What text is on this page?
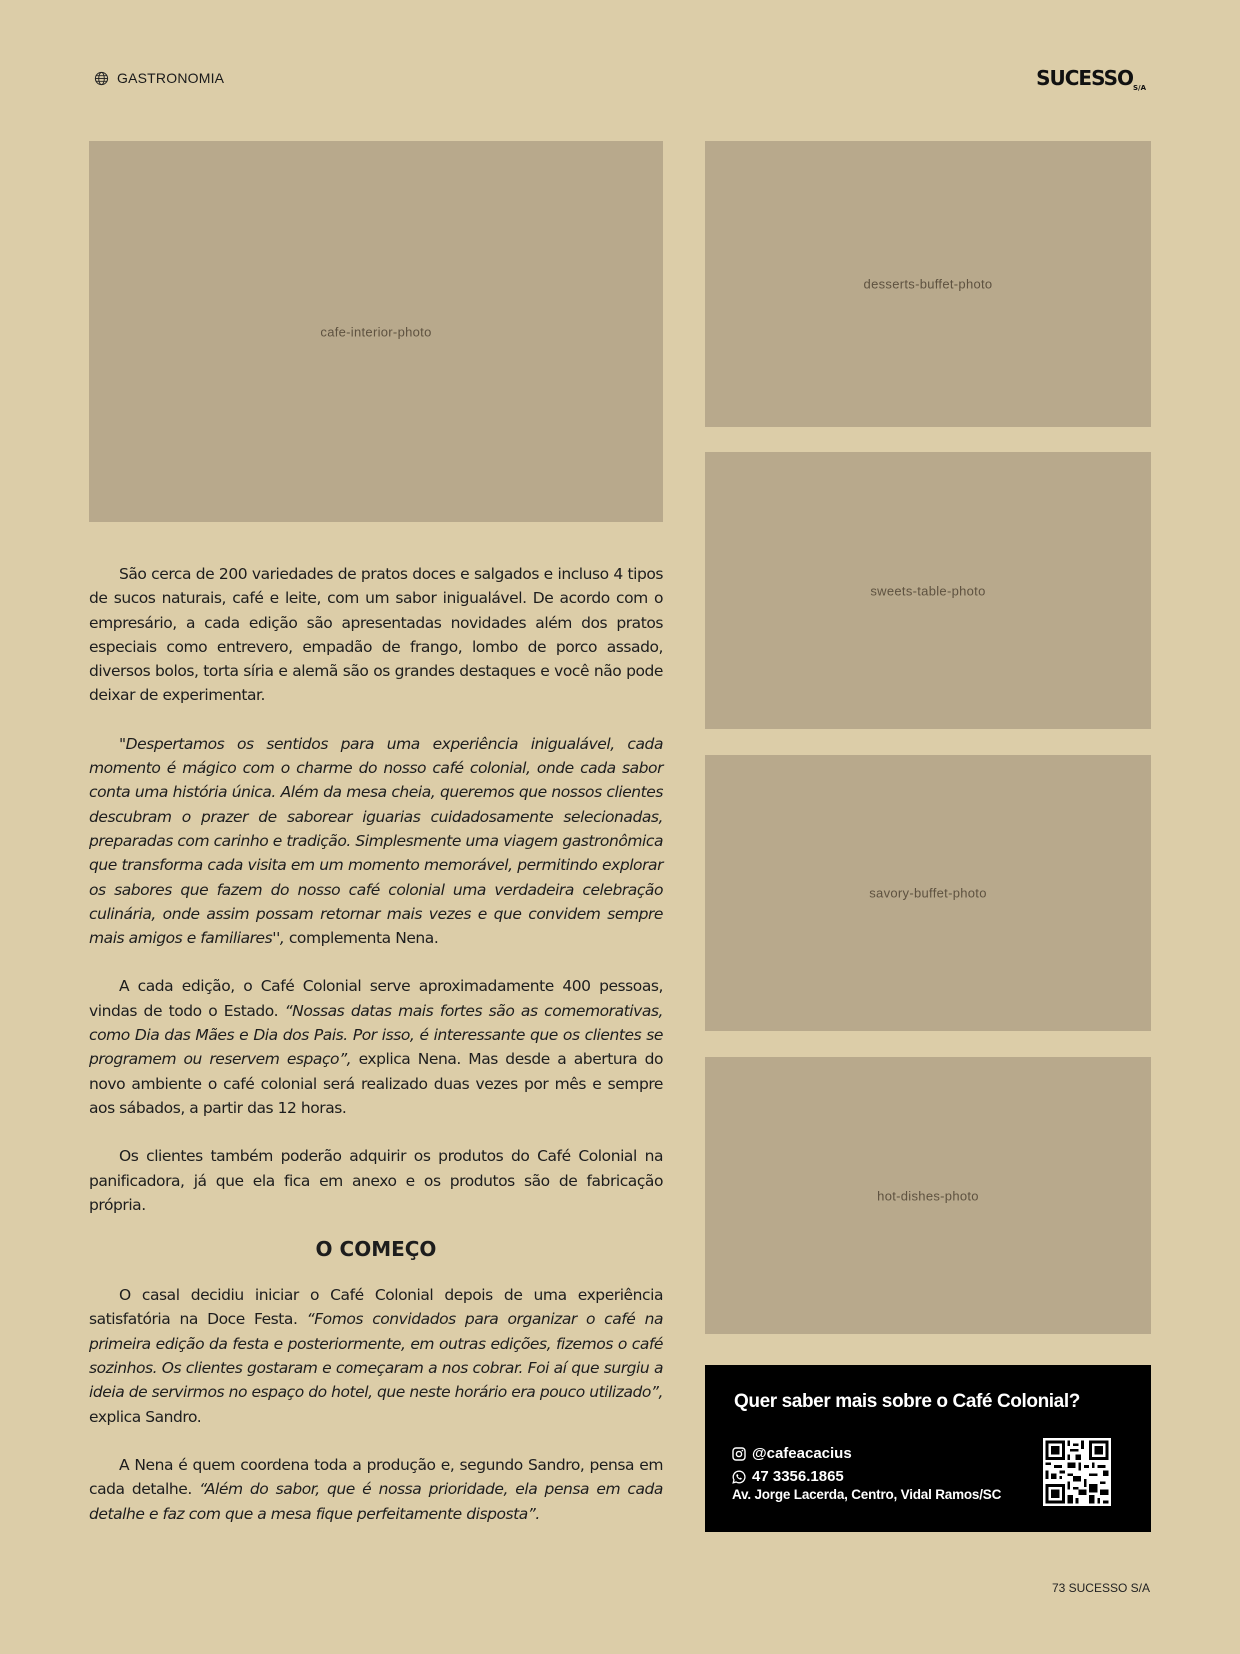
GASTRONOMIA	$SUCESSO_{S/A}$
cafe-interior-photo
desserts-buffet-photo
sweets-table-photo
savory-buffet-photo
hot-dishes-photo

São cerca de 200 variedades de pratos doces e salgados e incluso 4 tipos de sucos naturais, café e leite, com um sabor inigualável. De acordo com o empresário, a cada edição são apresentadas novidades além dos pratos especiais como entrevero, empadão de frango, lombo de porco assado, diversos bolos, torta síria e alemã são os grandes destaques e você não pode deixar de experimentar.

"Despertamos os sentidos para uma experiência inigualável, cada momento é mágico com o charme do nosso café colonial, onde cada sabor conta uma história única. Além da mesa cheia, queremos que nossos clientes descubram o prazer de saborear iguarias cuidadosamente selecionadas, preparadas com carinho e tradição. Simplesmente uma viagem gastronômica que transforma cada visita em um momento memorável, permitindo explorar os sabores que fazem do nosso café colonial uma verdadeira celebração culinária, onde assim possam retornar mais vezes e que convidem sempre mais amigos e familiares'', complementa Nena.

A cada edição, o Café Colonial serve aproximadamente 400 pessoas, vindas de todo o Estado. “Nossas datas mais fortes são as comemorativas, como Dia das Mães e Dia dos Pais. Por isso, é interessante que os clientes se programem ou reservem espaço”, explica Nena. Mas desde a abertura do novo ambiente o café colonial será realizado duas vezes por mês e sempre aos sábados, a partir das 12 horas.

Os clientes também poderão adquirir os produtos do Café Colonial na panificadora, já que ela fica em anexo e os produtos são de fabricação própria.

O COMEÇO

O casal decidiu iniciar o Café Colonial depois de uma experiência satisfatória na Doce Festa. “Fomos convidados para organizar o café na primeira edição da festa e posteriormente, em outras edições, fizemos o café sozinhos. Os clientes gostaram e começaram a nos cobrar. Foi aí que surgiu a ideia de servirmos no espaço do hotel, que neste horário era pouco utilizado”, explica Sandro.

A Nena é quem coordena toda a produção e, segundo Sandro, pensa em cada detalhe. “Além do sabor, que é nossa prioridade, ela pensa em cada detalhe e faz com que a mesa fique perfeitamente disposta”.

Quer saber mais sobre o Café Colonial?
@cafeacacius
47 3356.1865
Av. Jorge Lacerda, Centro, Vidal Ramos/SC
73 SUCESSO S/A
